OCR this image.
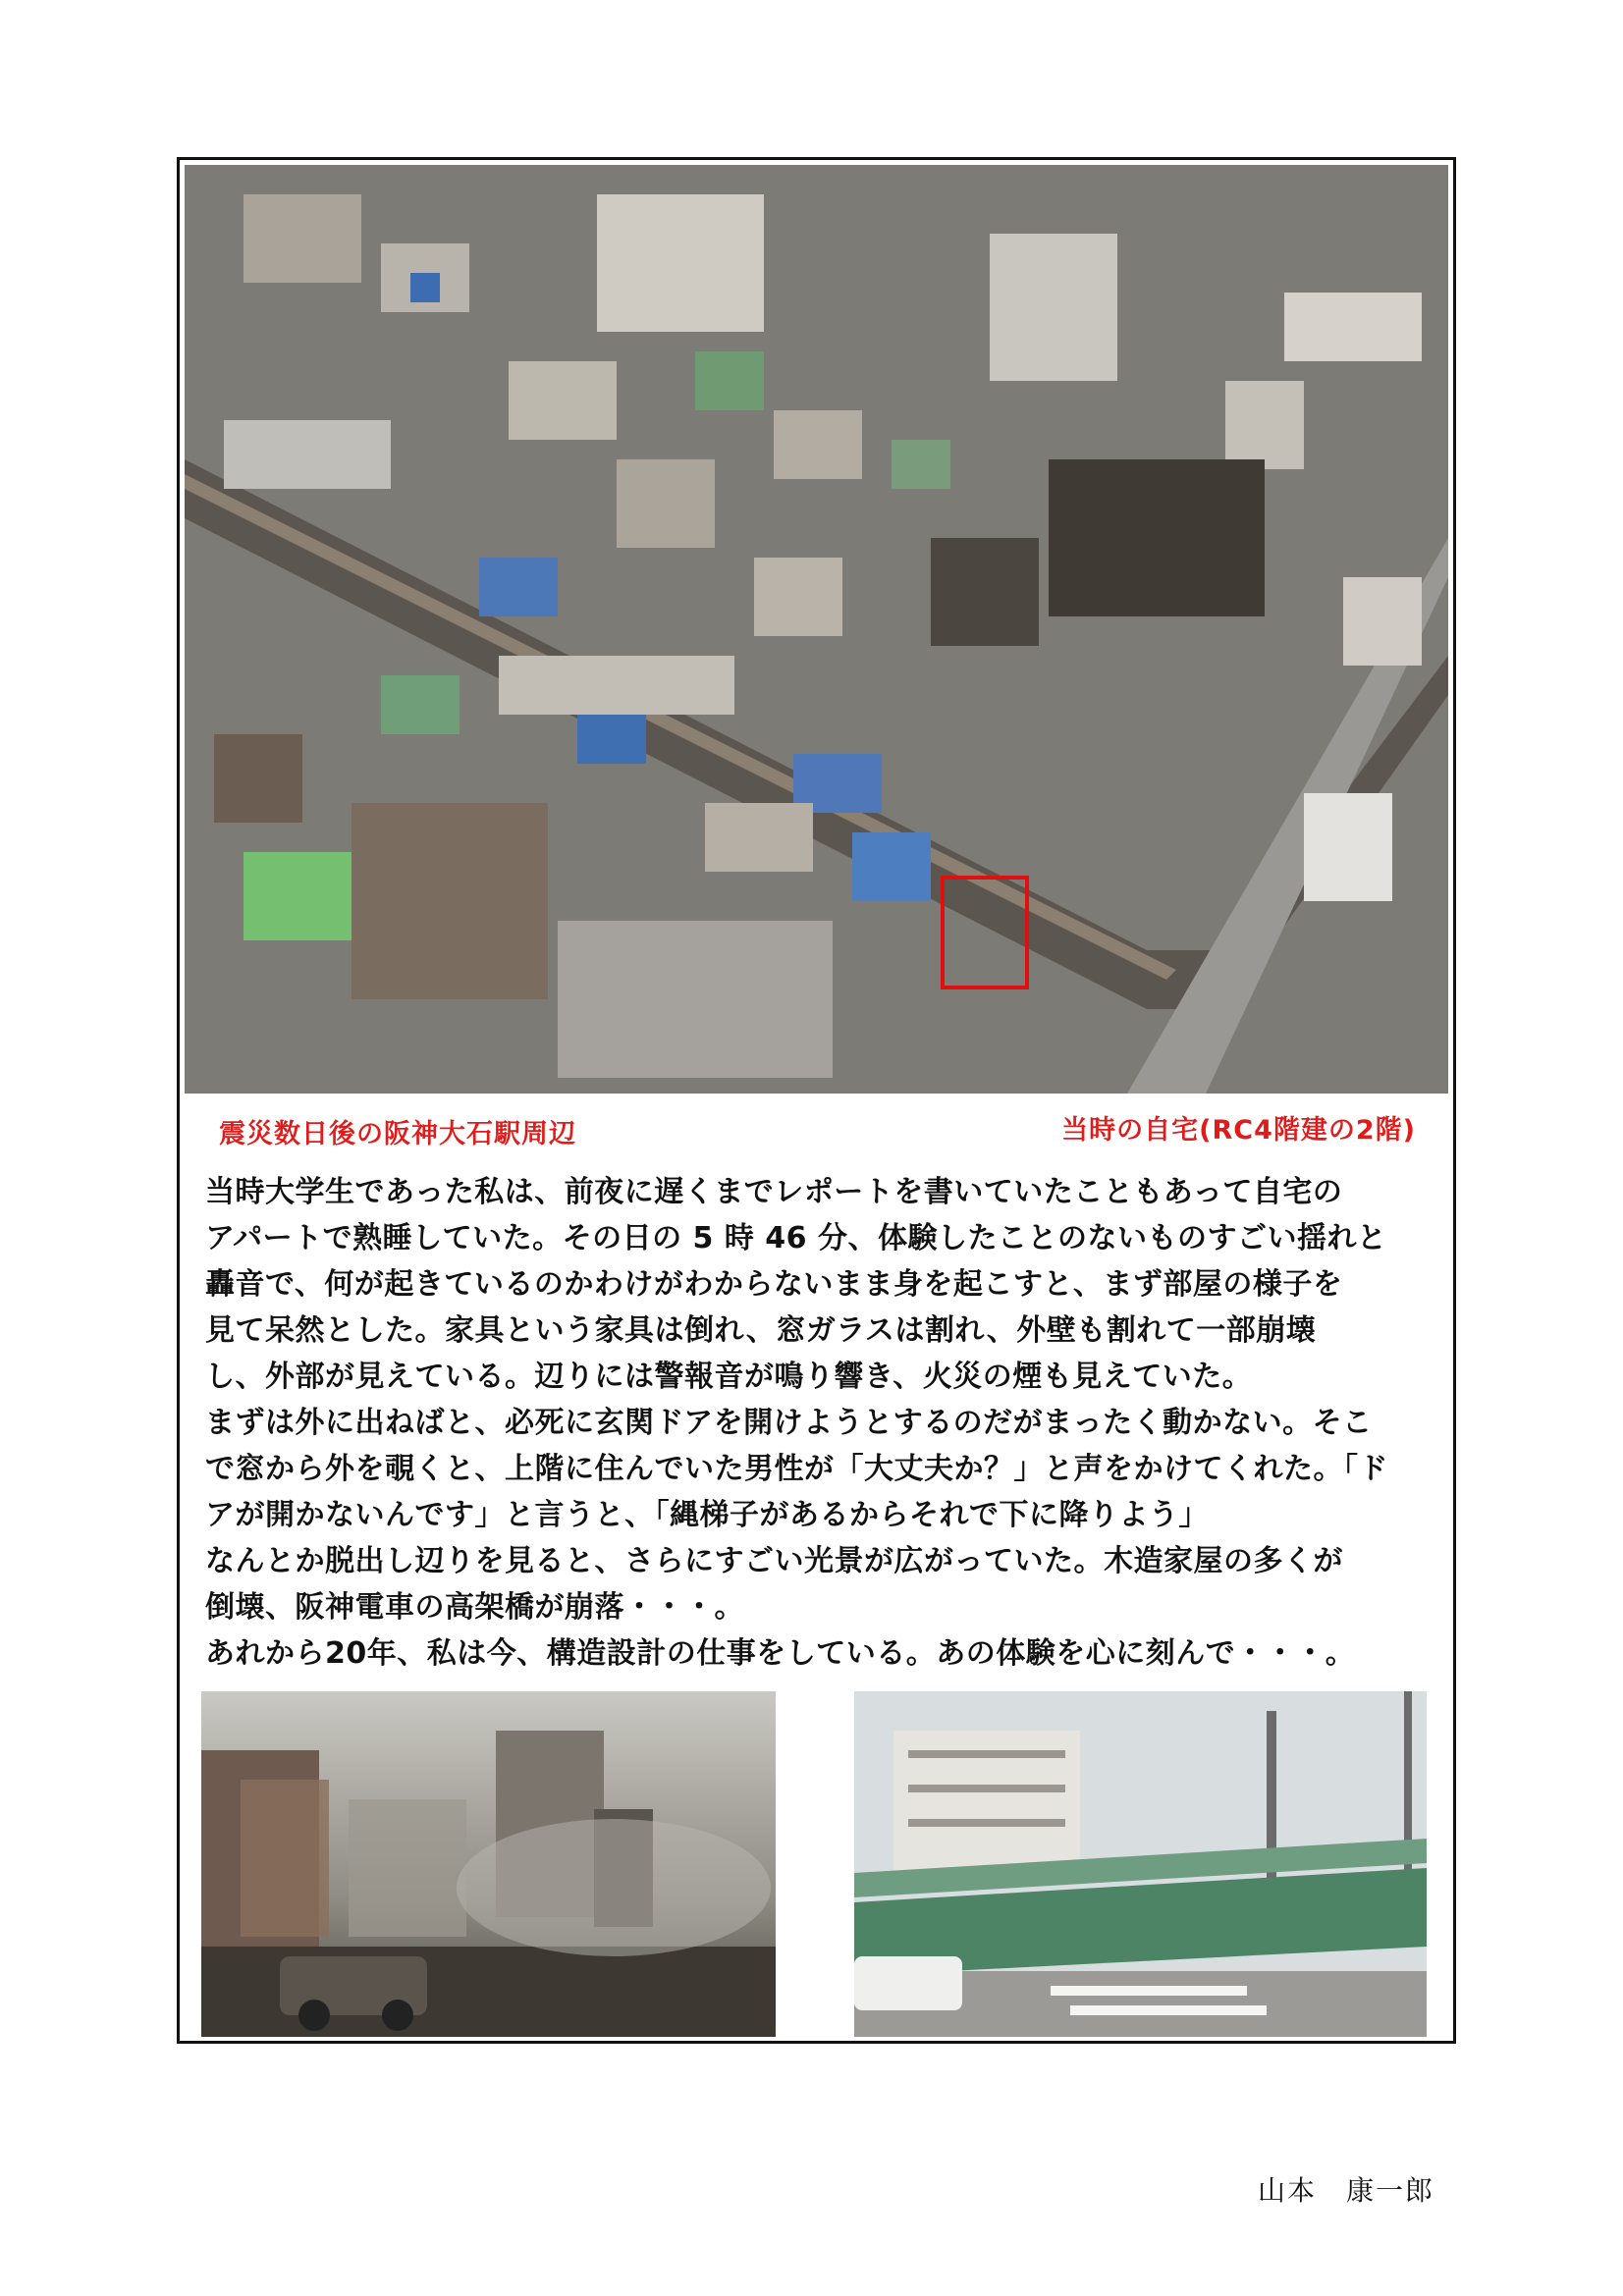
震災数日後の阪神大石駅周辺	当時の自宅(RC4階建の2階)

当時大学生であった私は、前夜に遅くまでレポートを書いていたこともあって自宅の

アパートで熟睡していた。その日の 5 時 46 分、体験したことのないものすごい揺れと

轟音で、何が起きているのかわけがわからないまま身を起こすと、まず部屋の様子を

見て呆然とした。家具という家具は倒れ、窓ガラスは割れ、外壁も割れて一部崩壊

し、外部が見えている。辺りには警報音が鳴り響き、火災の煙も見えていた。

まずは外に出ねばと、必死に玄関ドアを開けようとするのだがまったく動かない。そこ

で窓から外を覗くと、上階に住んでいた男性が「大丈夫か？」と声をかけてくれた。「ド

アが開かないんです」と言うと、「縄梯子があるからそれで下に降りよう」

なんとか脱出し辺りを見ると、さらにすごい光景が広がっていた。木造家屋の多くが

倒壊、阪神電車の高架橋が崩落・・・。

あれから20年、私は今、構造設計の仕事をしている。あの体験を心に刻んで・・・。

山本　康一郎
